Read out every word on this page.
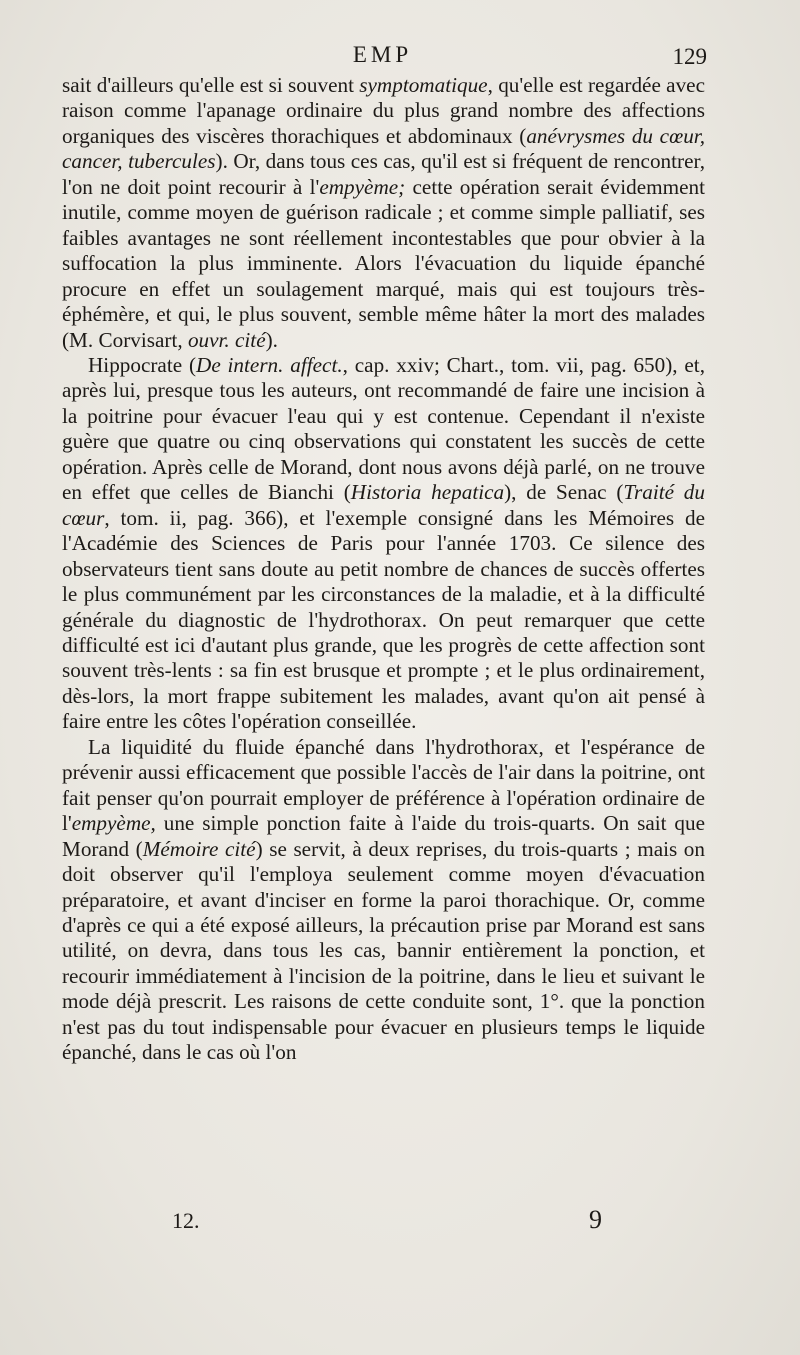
EMP	129

sait d'ailleurs qu'elle est si souvent symptomatique, qu'elle est regardée avec raison comme l'apanage ordinaire du plus grand nombre des affections organiques des viscères thorachiques et abdominaux (anévrysmes du cœur, cancer, tubercules). Or, dans tous ces cas, qu'il est si fréquent de rencontrer, l'on ne doit point recourir à l'empyème; cette opération serait évidemment inutile, comme moyen de guérison radicale ; et comme simple palliatif, ses faibles avantages ne sont réellement incontestables que pour obvier à la suffocation la plus imminente. Alors l'évacuation du liquide épanché procure en effet un soulagement marqué, mais qui est toujours très-éphémère, et qui, le plus souvent, semble même hâter la mort des malades (M. Corvisart, ouvr. cité).

Hippocrate (De intern. affect., cap. xxiv; Chart., tom. vii, pag. 650), et, après lui, presque tous les auteurs, ont recommandé de faire une incision à la poitrine pour évacuer l'eau qui y est contenue. Cependant il n'existe guère que quatre ou cinq observations qui constatent les succès de cette opération. Après celle de Morand, dont nous avons déjà parlé, on ne trouve en effet que celles de Bianchi (Historia hepatica), de Senac (Traité du cœur, tom. ii, pag. 366), et l'exemple consigné dans les Mémoires de l'Académie des Sciences de Paris pour l'année 1703. Ce silence des observateurs tient sans doute au petit nombre de chances de succès offertes le plus communément par les circonstances de la maladie, et à la difficulté générale du diagnostic de l'hydrothorax. On peut remarquer que cette difficulté est ici d'autant plus grande, que les progrès de cette affection sont souvent très-lents : sa fin est brusque et prompte ; et le plus ordinairement, dès-lors, la mort frappe subitement les malades, avant qu'on ait pensé à faire entre les côtes l'opération conseillée.

La liquidité du fluide épanché dans l'hydrothorax, et l'espérance de prévenir aussi efficacement que possible l'accès de l'air dans la poitrine, ont fait penser qu'on pourrait employer de préférence à l'opération ordinaire de l'empyème, une simple ponction faite à l'aide du trois-quarts. On sait que Morand (Mémoire cité) se servit, à deux reprises, du trois-quarts ; mais on doit observer qu'il l'employa seulement comme moyen d'évacuation préparatoire, et avant d'inciser en forme la paroi thorachique. Or, comme d'après ce qui a été exposé ailleurs, la précaution prise par Morand est sans utilité, on devra, dans tous les cas, bannir entièrement la ponction, et recourir immédiatement à l'incision de la poitrine, dans le lieu et suivant le mode déjà prescrit. Les raisons de cette conduite sont, 1°. que la ponction n'est pas du tout indispensable pour évacuer en plusieurs temps le liquide épanché, dans le cas où l'on

12.	9
